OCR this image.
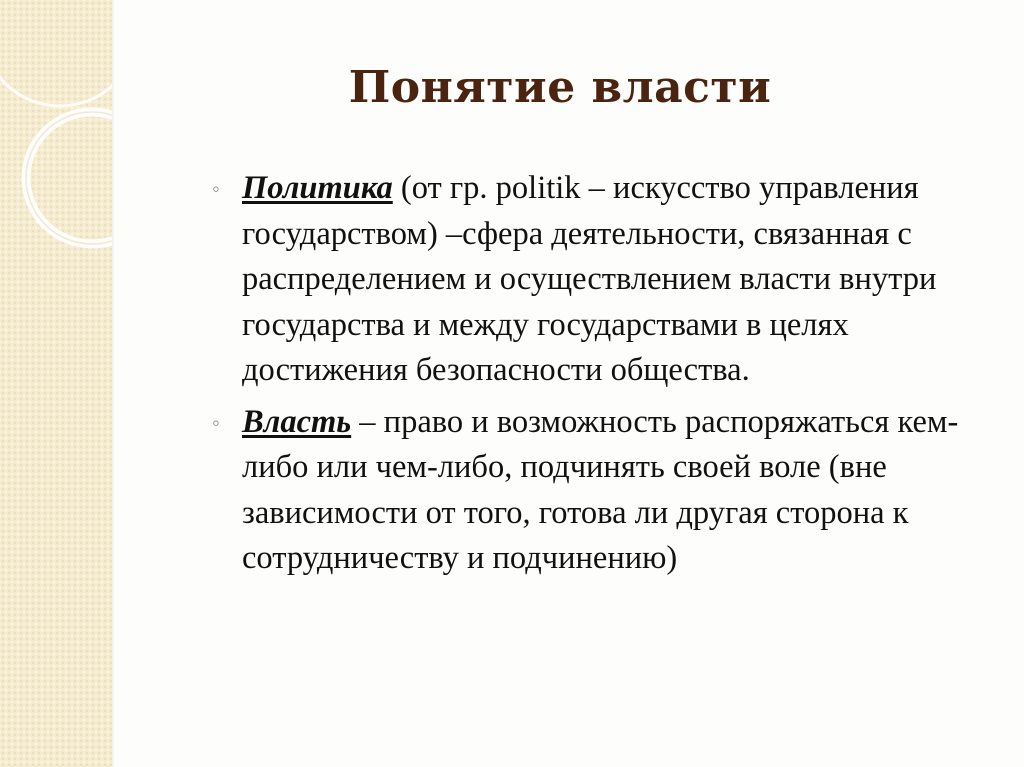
Понятие власти

◦ Политика (от гр. politik – искусство управления государством) –сфера деятельности, связанная с распределением и осуществлением власти внутри государства и между государствами в целях достижения безопасности общества.

◦ Власть – право и возможность распоряжаться кем-либо или чем-либо, подчинять своей воле (вне зависимости от того, готова ли другая сторона к сотрудничеству и подчинению)
